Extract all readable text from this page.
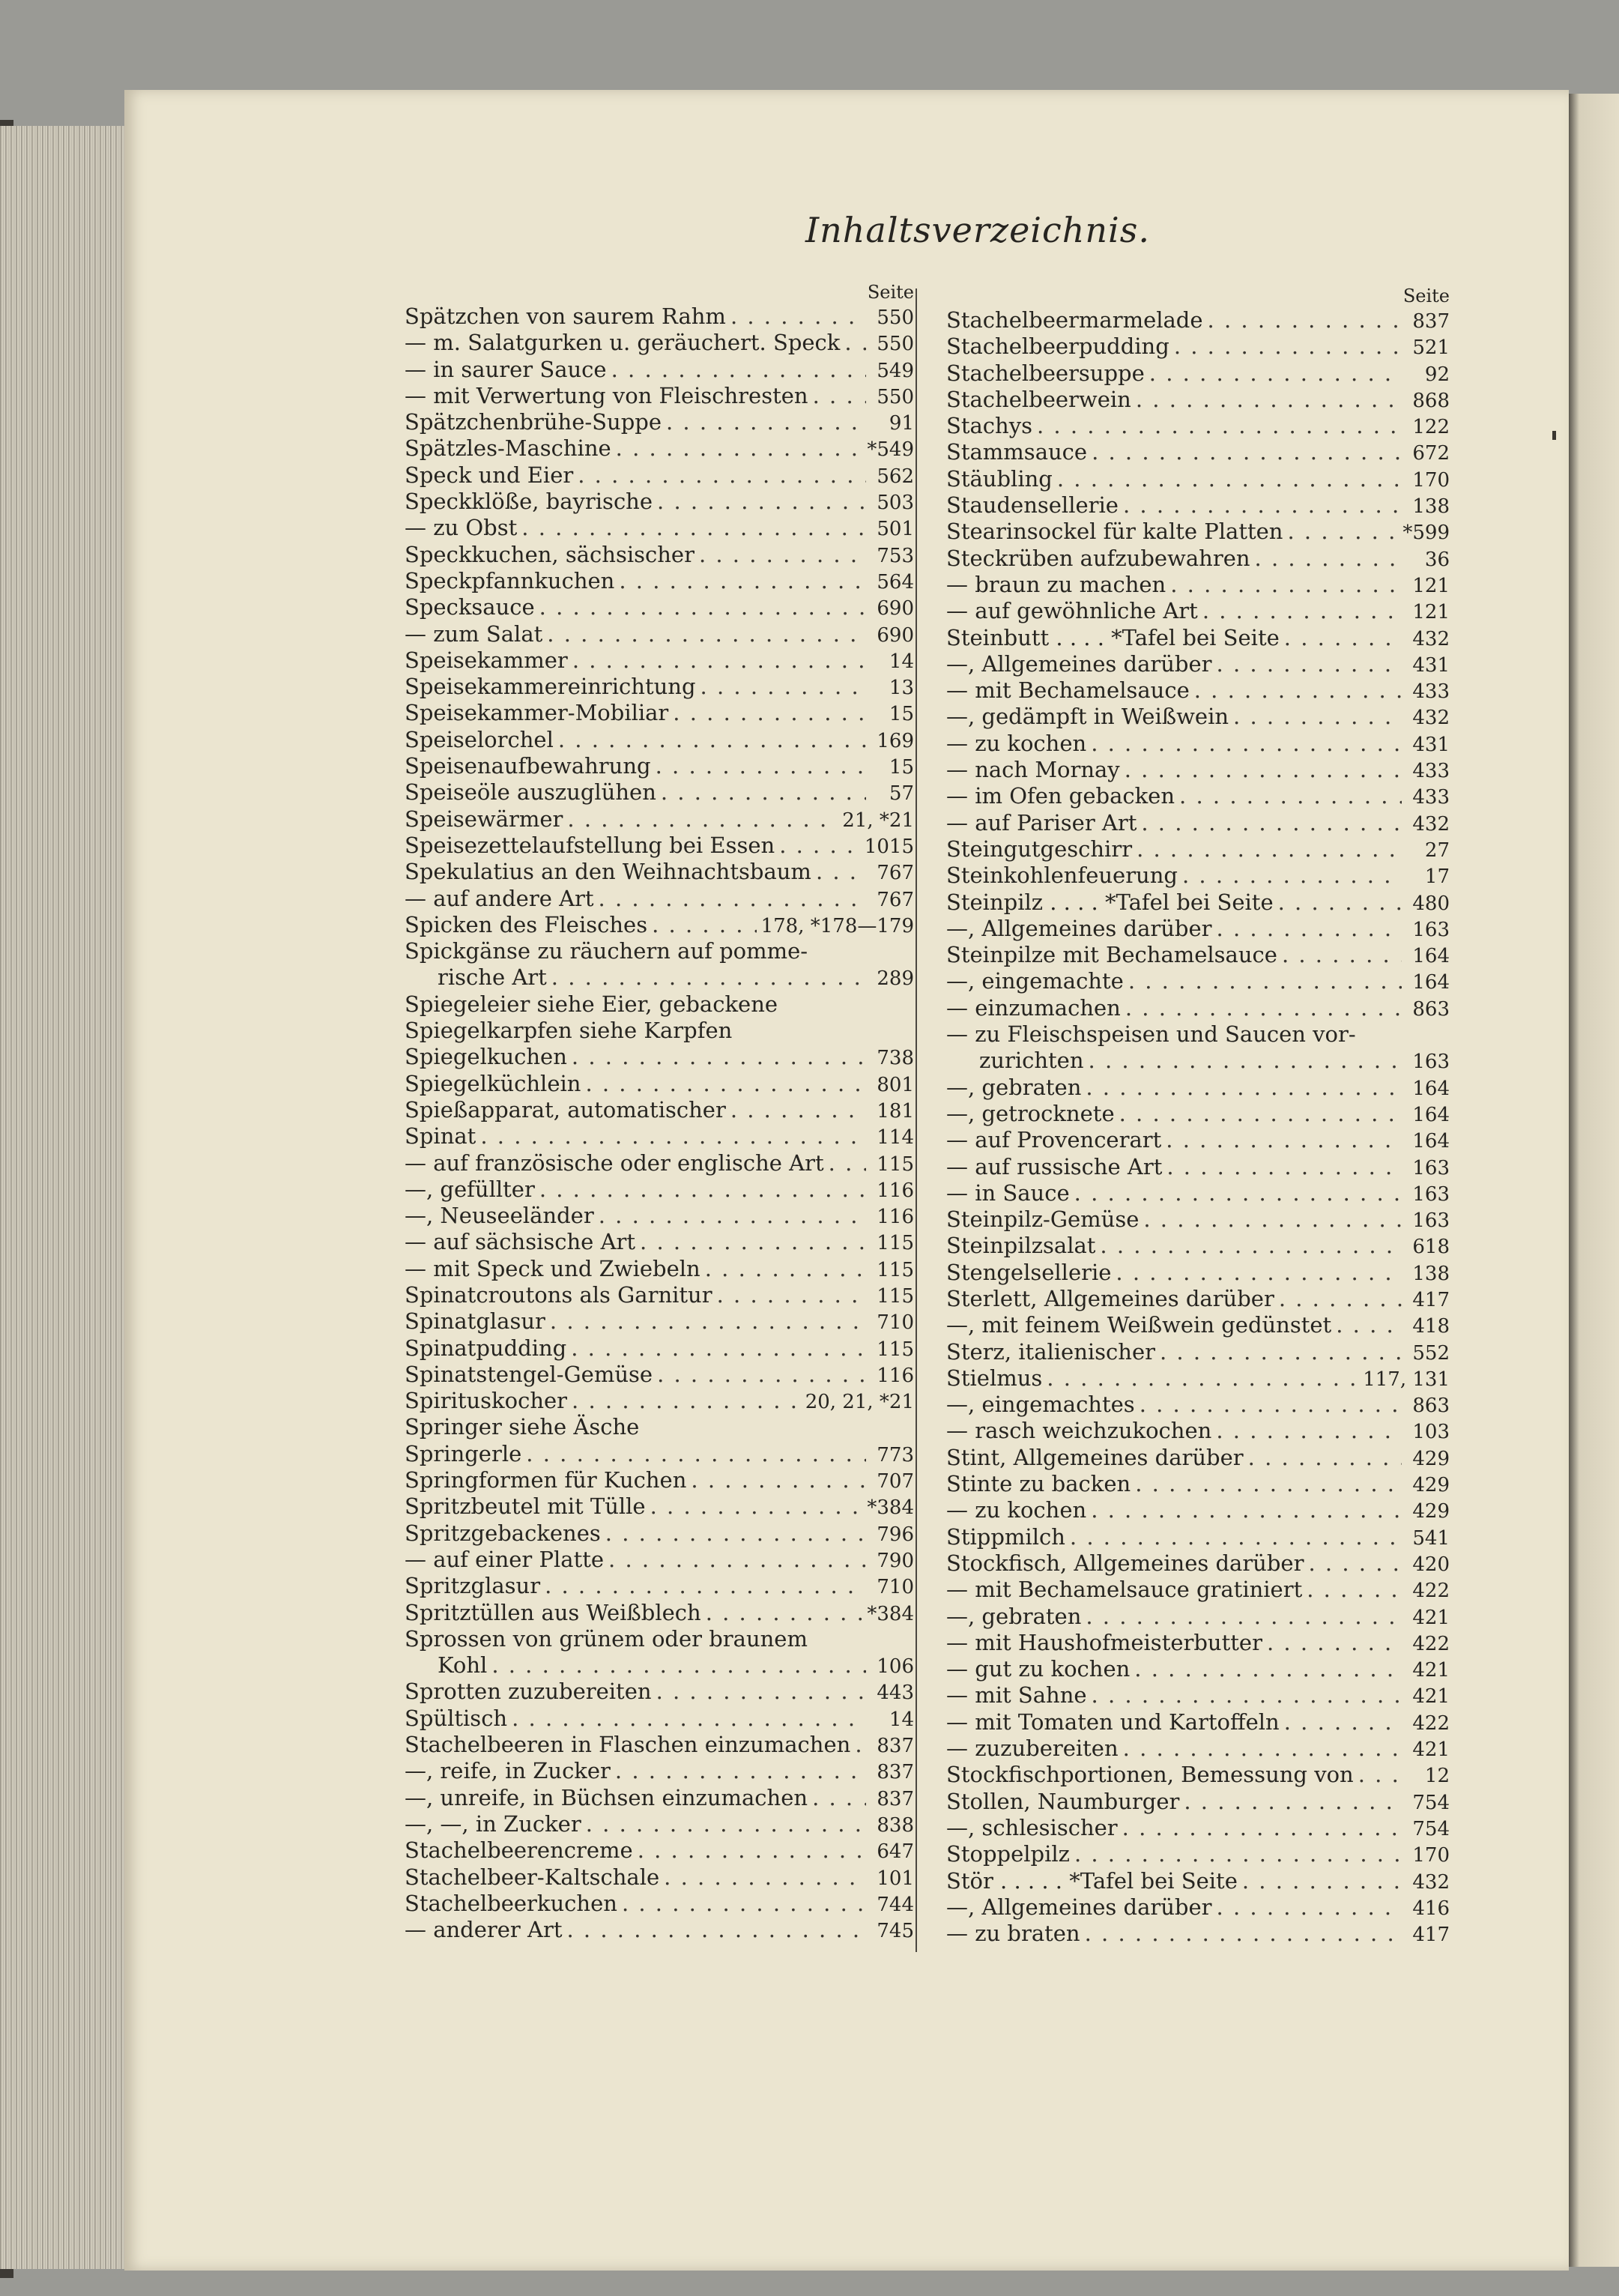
Inhaltsverzeichnis.
Seite
Spätzchen von saurem Rahm . . .	550
— m. Salatgurken u. geräuchert. Speck . . .	550
— in saurer Sauce . . .	549
— mit Verwertung von Fleischresten . . .	550
Spätzchenbrühe-Suppe . . .	91
Spätzles-Maschine . . .	*549
Speck und Eier . . .	562
Speckklöße, bayrische . . .	503
— zu Obst . . .	501
Speckkuchen, sächsischer . . .	753
Speckpfannkuchen . . .	564
Specksauce . . .	690
— zum Salat . . .	690
Speisekammer . . .	14
Speisekammereinrichtung . . .	13
Speisekammer-Mobiliar . . .	15
Speiselorchel . . .	169
Speisenaufbewahrung . . .	15
Speiseöle auszuglühen . . .	57
Speisewärmer . . .	21, *21
Speisezettelaufstellung bei Essen . . .	1015
Spekulatius an den Weihnachtsbaum . . .	767
— auf andere Art . . .	767
Spicken des Fleisches . . .	178, *178—179
Spickgänse zu räuchern auf pomme-
rische Art . . .	289
Spiegeleier siehe Eier, gebackene
Spiegelkarpfen siehe Karpfen
Spiegelkuchen . . .	738
Spiegelküchlein . . .	801
Spießapparat, automatischer . . .	181
Spinat . . .	114
— auf französische oder englische Art . . .	115
—, gefüllter . . .	116
—, Neuseeländer . . .	116
— auf sächsische Art . . .	115
— mit Speck und Zwiebeln . . .	115
Spinatcroutons als Garnitur . . .	115
Spinatglasur . . .	710
Spinatpudding . . .	115
Spinatstengel-Gemüse . . .	116
Spirituskocher . . .	20, 21, *21
Springer siehe Äsche
Springerle . . .	773
Springformen für Kuchen . . .	707
Spritzbeutel mit Tülle . . .	*384
Spritzgebackenes . . .	796
— auf einer Platte . . .	790
Spritzglasur . . .	710
Spritztüllen aus Weißblech . . .	*384
Sprossen von grünem oder braunem
Kohl . . .	106
Sprotten zuzubereiten . . .	443
Spültisch . . .	14
Stachelbeeren in Flaschen einzumachen . . .	837
—, reife, in Zucker . . .	837
—, unreife, in Büchsen einzumachen . . .	837
—, —, in Zucker . . .	838
Stachelbeerencreme . . .	647
Stachelbeer-Kaltschale . . .	101
Stachelbeerkuchen . . .	744
— anderer Art . . .	745
Seite
Stachelbeermarmelade . . .	837
Stachelbeerpudding . . .	521
Stachelbeersuppe . . .	92
Stachelbeerwein . . .	868
Stachys . . .	122
Stammsauce . . .	672
Stäubling . . .	170
Staudensellerie . . .	138
Stearinsockel für kalte Platten . . .	*599
Steckrüben aufzubewahren . . .	36
— braun zu machen . . .	121
— auf gewöhnliche Art . . .	121
Steinbutt . . . . *Tafel bei Seite . . .	432
—, Allgemeines darüber . . .	431
— mit Bechamelsauce . . .	433
—, gedämpft in Weißwein . . .	432
— zu kochen . . .	431
— nach Mornay . . .	433
— im Ofen gebacken . . .	433
— auf Pariser Art . . .	432
Steingutgeschirr . . .	27
Steinkohlenfeuerung . . .	17
Steinpilz . . . . *Tafel bei Seite . . .	480
—, Allgemeines darüber . . .	163
Steinpilze mit Bechamelsauce . . .	164
—, eingemachte . . .	164
— einzumachen . . .	863
— zu Fleischspeisen und Saucen vor-
zurichten . . .	163
—, gebraten . . .	164
—, getrocknete . . .	164
— auf Provencerart . . .	164
— auf russische Art . . .	163
— in Sauce . . .	163
Steinpilz-Gemüse . . .	163
Steinpilzsalat . . .	618
Stengelsellerie . . .	138
Sterlett, Allgemeines darüber . . .	417
—, mit feinem Weißwein gedünstet . . .	418
Sterz, italienischer . . .	552
Stielmus . . .	117, 131
—, eingemachtes . . .	863
— rasch weichzukochen . . .	103
Stint, Allgemeines darüber . . .	429
Stinte zu backen . . .	429
— zu kochen . . .	429
Stippmilch . . .	541
Stockfisch, Allgemeines darüber . . .	420
— mit Bechamelsauce gratiniert . . .	422
—, gebraten . . .	421
— mit Haushofmeisterbutter . . .	422
— gut zu kochen . . .	421
— mit Sahne . . .	421
— mit Tomaten und Kartoffeln . . .	422
— zuzubereiten . . .	421
Stockfischportionen, Bemessung von . . .	12
Stollen, Naumburger . . .	754
—, schlesischer . . .	754
Stoppelpilz . . .	170
Stör . . . . . *Tafel bei Seite . . .	432
—, Allgemeines darüber . . .	416
— zu braten . . .	417
